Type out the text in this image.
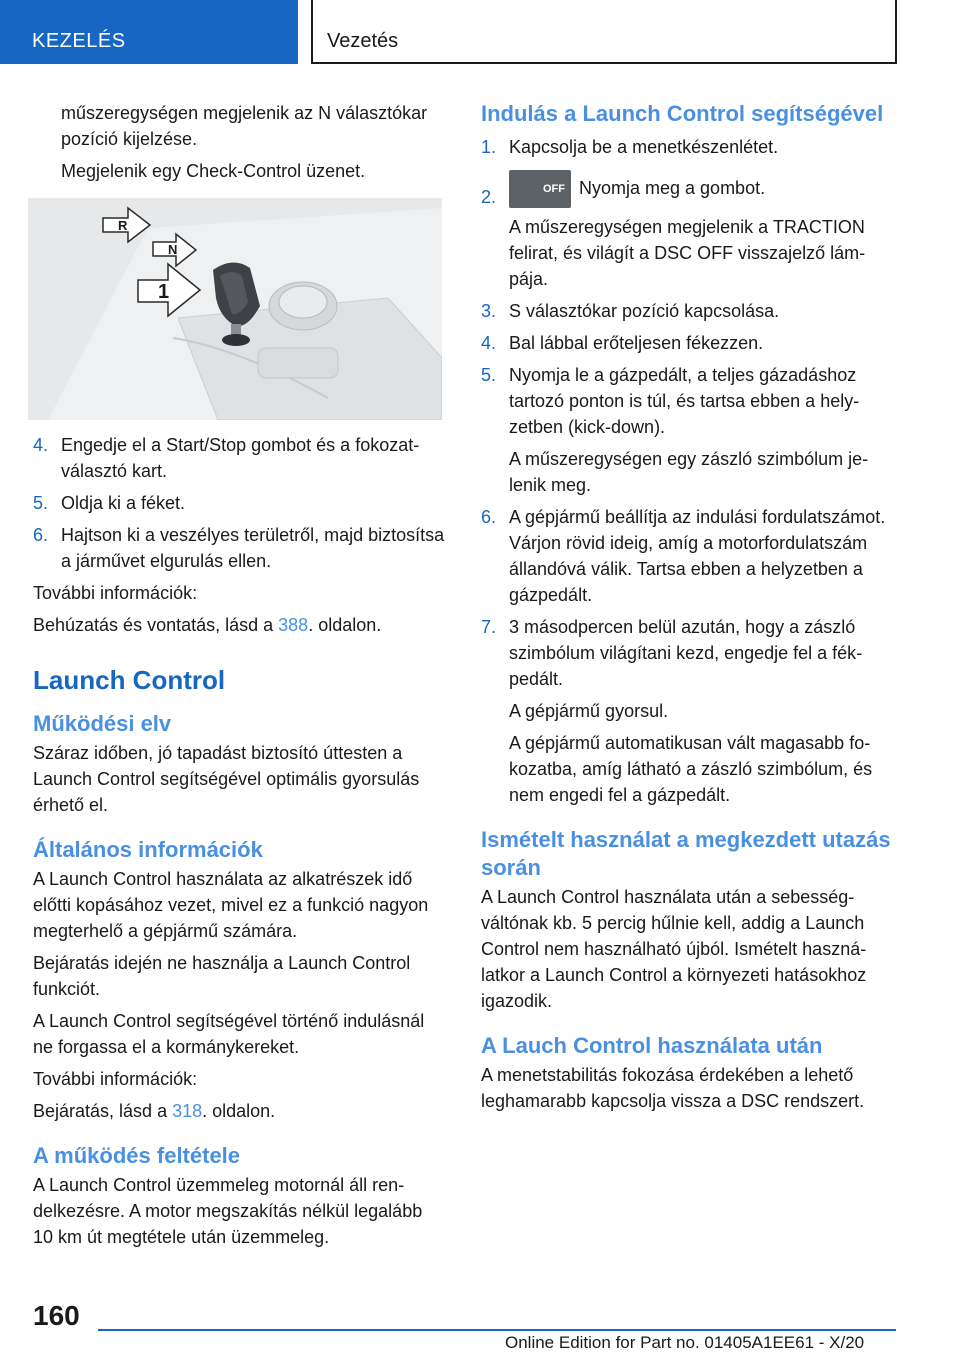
KEZELÉS	Vezetés

műszeregységen megjelenik az N választókar pozíció kijelzése.

Megjelenik egy Check-Control üzenet.

R
N
1
4. Engedje el a Start/Stop gombot és a fokozatválasztó kart.
5. Oldja ki a féket.
6. Hajtson ki a veszélyes területről, majd biztosítsa a járművet elgurulás ellen.

További információk:

Behúzatás és vontatás, lásd a 388. oldalon.

Launch Control
Működési elv

Száraz időben, jó tapadást biztosító úttesten a Launch Control segítségével optimális gyorsulás érhető el.

Általános információk

A Launch Control használata az alkatrészek idő előtti kopásához vezet, mivel ez a funkció nagyon megterhelő a gépjármű számára.

Bejáratás idején ne használja a Launch Control funkciót.

A Launch Control segítségével történő indulásnál ne forgassa el a kormánykereket.

További információk:

Bejáratás, lásd a 318. oldalon.

A működés feltétele

A Launch Control üzemmeleg motornál áll rendelkezésre. A motor megszakítás nélkül legalább 10 km út megtétele után üzemmeleg.

Indulás a Launch Control segítségével
1. Kapcsolja be a menetkészenlétet.
2.	OFF Nyomja meg a gombot.

A műszeregységen megjelenik a TRACTION felirat, és világít a DSC OFF visszajelző lámpája.

3. S választókar pozíció kapcsolása.
4. Bal lábbal erőteljesen fékezzen.
5. Nyomja le a gázpedált, a teljes gázadáshoz tartozó ponton is túl, és tartsa ebben a helyzetben (kick-down).

A műszeregységen egy zászló szimbólum jelenik meg.

6. A gépjármű beállítja az indulási fordulatszámot. Várjon rövid ideig, amíg a motorfordulatszám állandóvá válik. Tartsa ebben a helyzetben a gázpedált.
7. 3 másodpercen belül azután, hogy a zászló szimbólum világítani kezd, engedje fel a fékpedált.

A gépjármű gyorsul.

A gépjármű automatikusan vált magasabb fokozatba, amíg látható a zászló szimbólum, és nem engedi fel a gázpedált.

Ismételt használat a megkezdett utazás során

A Launch Control használata után a sebességváltónak kb. 5 percig hűlnie kell, addig a Launch Control nem használható újból. Ismételt használatkor a Launch Control a környezeti hatásokhoz igazodik.

A Lauch Control használata után

A menetstabilitás fokozása érdekében a lehető leghamarabb kapcsolja vissza a DSC rendszert.

160
Online Edition for Part no. 01405A1EE61 - X/20
